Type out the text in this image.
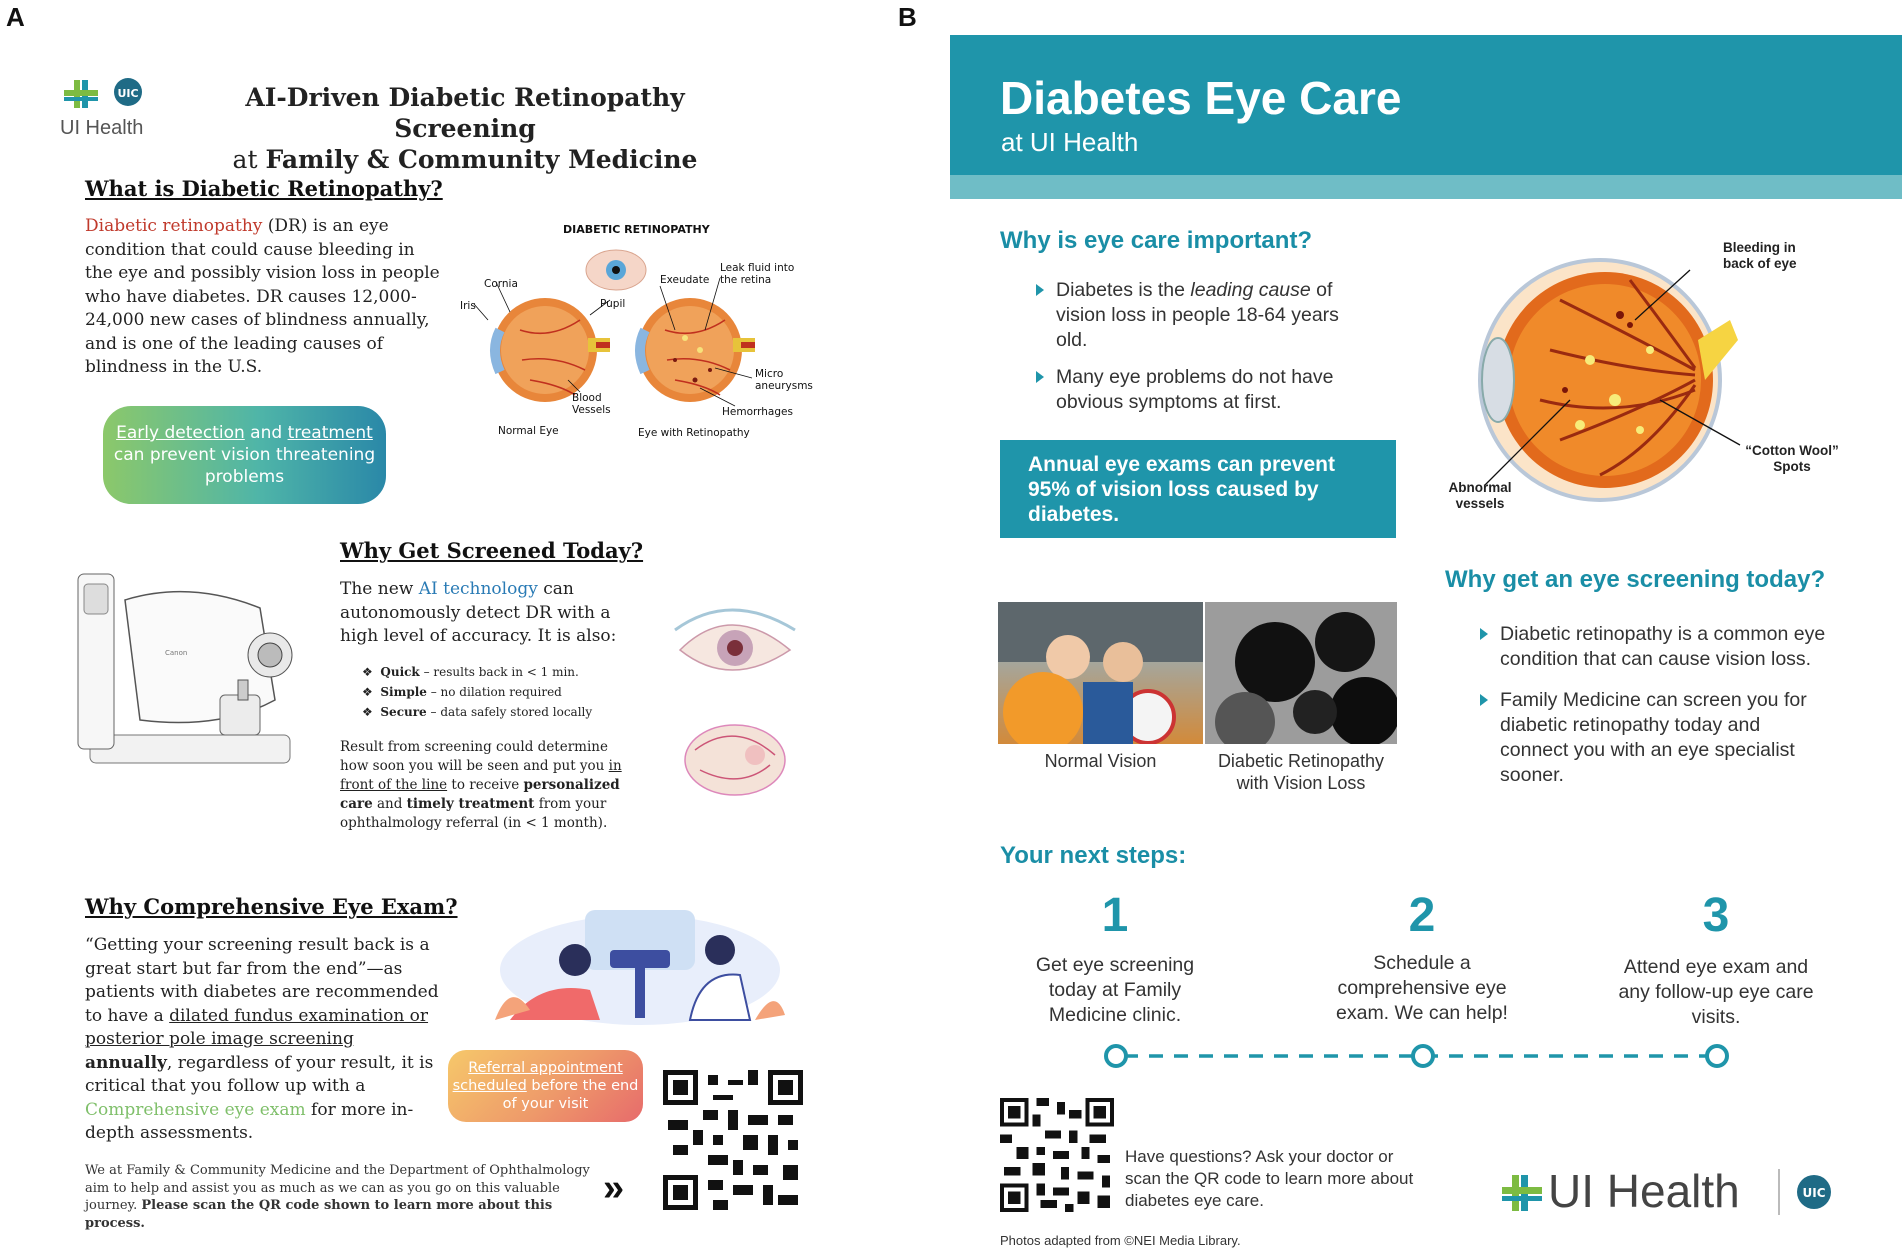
A
UIC
UI Health
AI-Driven Diabetic Retinopathy Screening
at Family & Community Medicine
What is Diabetic Retinopathy?
Diabetic retinopathy (DR) is an eye condition that could cause bleeding in the eye and possibly vision loss in people who have diabetes. DR causes 12,000-24,000 new cases of blindness annually, and is one of the leading causes of blindness in the U.S.
Early detection and treatment can prevent vision threatening problems
DIABETIC RETINOPATHY
Cornia
Iris	Pupil
Exeudate
Leak fluid into the retina
Micro aneurysms
Blood Vessels	Hemorrhages
Normal Eye	Eye with Retinopathy
Canon
Why Get Screened Today?
The new AI technology can autonomously detect DR with a high level of accuracy. It is also:
❖  Quick – results back in < 1 min.
❖  Simple – no dilation required
❖  Secure – data safely stored locally
Result from screening could determine how soon you will be seen and put you in front of the line to receive personalized care and timely treatment from your ophthalmology referral (in < 1 month).
Why Comprehensive Eye Exam?
“Getting your screening result back is a great start but far from the end”—as patients with diabetes are recommended to have a dilated fundus examination or posterior pole image screening annually, regardless of your result, it is critical that you follow up with a Comprehensive eye exam for more in-depth assessments.
Referral appointment scheduled before the end of your visit
We at Family & Community Medicine and the Department of Ophthalmology aim to help and assist you as much as we can as you go on this valuable journey. Please scan the QR code shown to learn more about this process.
»
B
Diabetes Eye Care
at UI Health
Why is eye care important?
Diabetes is the leading cause of vision loss in people 18-64 years old.
Many eye problems do not have obvious symptoms at first.
Annual eye exams can prevent 95% of vision loss caused by diabetes.
Bleeding in back of eye
“Cotton Wool” Spots
Abnormal vessels
Why get an eye screening today?
Diabetic retinopathy is a common eye condition that can cause vision loss.
Family Medicine can screen you for diabetic retinopathy today and connect you with an eye specialist sooner.
Normal Vision	Diabetic Retinopathy with Vision Loss
Your next steps:
1
Get eye screening today at Family Medicine clinic.
2
Schedule a comprehensive eye exam. We can help!
3
Attend eye exam and any follow-up eye care visits.
Have questions? Ask your doctor or scan the QR code to learn more about diabetes eye care.	UI Health	UIC
Photos adapted from ©NEI Media Library.
